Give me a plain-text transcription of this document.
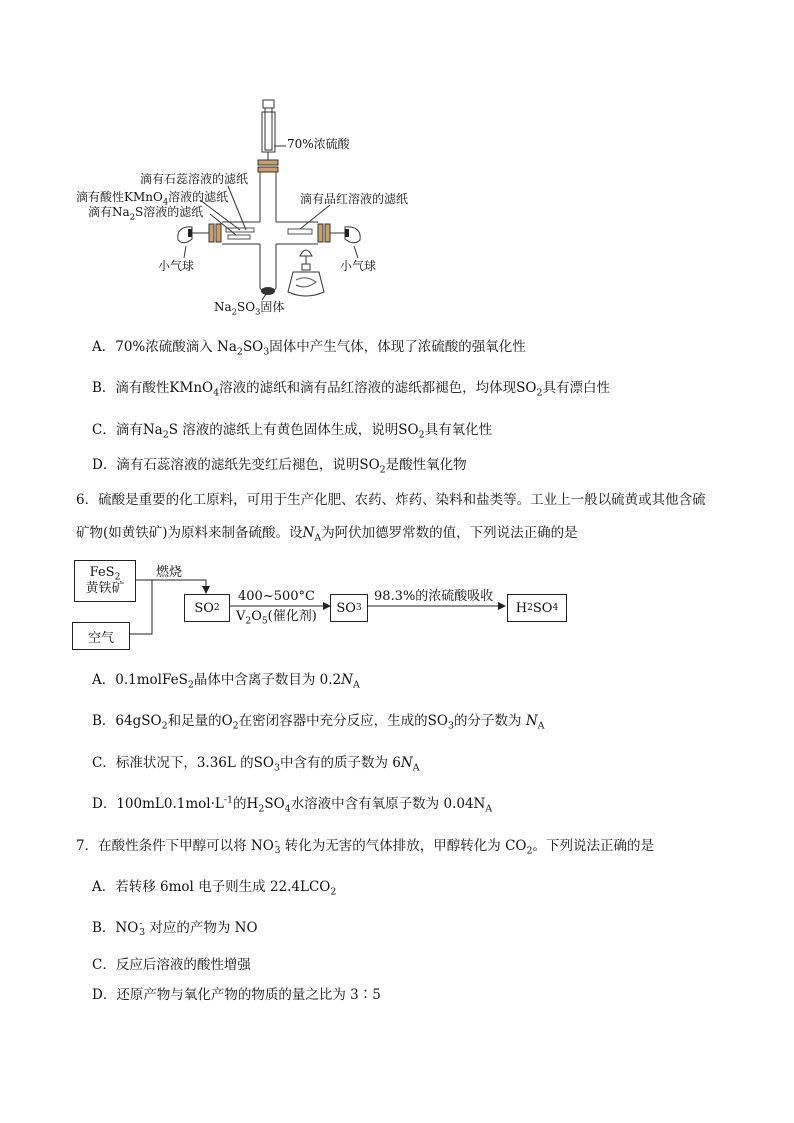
70%浓硫酸
滴有石蕊溶液的滤纸
滴有酸性KMnO$_4$溶液的滤纸
滴有$Na_2S$溶液的滤纸
滴有品红溶液的滤纸
小气球	小气球
$Na_2SO_3$固体
A．70%浓硫酸滴入 $Na_2SO_3$固体中产生气体，体现了浓硫酸的强氧化性
B．滴有酸性KMnO$_4$溶液的滤纸和滴有品红溶液的滤纸都褪色，均体现$SO_2$具有漂白性
C．滴有$Na_2S$ 溶液的滤纸上有黄色固体生成，说明$SO_2$具有氧化性
D．滴有石蕊溶液的滤纸先变红后褪色，说明$SO_2$是酸性氧化物
6．硫酸是重要的化工原料，可用于生产化肥、农药、炸药、染料和盐类等。工业上一般以硫黄或其他含硫
矿物(如黄铁矿)为原料来制备硫酸。设$N_A$为阿伏加德罗常数的值，下列说法正确的是
FeS$_2$
黄铁矿
空气
燃烧
SO 2
400~500°C
$V_2O_5$(催化剂)
SO 3
98.3%的浓硫酸吸收
H 2 SO 4
A．0.1molFeS$_2$晶体中含离子数目为 $0.2N_A$
B．64gSO$_2$和足量的$O_2$在密闭容器中充分反应，生成的$SO_3$的分子数为 $N_A$
C．标准状况下，3.36L 的$SO_3$中含有的质子数为 $6N_A$
D．$100mL0.1mol\cdot L^{-1}$的$H_2SO_4$水溶液中含有氧原子数为 $0.04N_A$
7．在酸性条件下甲醇可以将 NO -
3 转化为无害的气体排放，甲醇转化为 $CO_2$。下列说法正确的是
A．若转移 6mol 电子则生成 $22.4LCO_2$
B．NO -
3 对应的产物为 NO
C．反应后溶液的酸性增强
D．还原产物与氧化产物的物质的量之比为 3∶5
